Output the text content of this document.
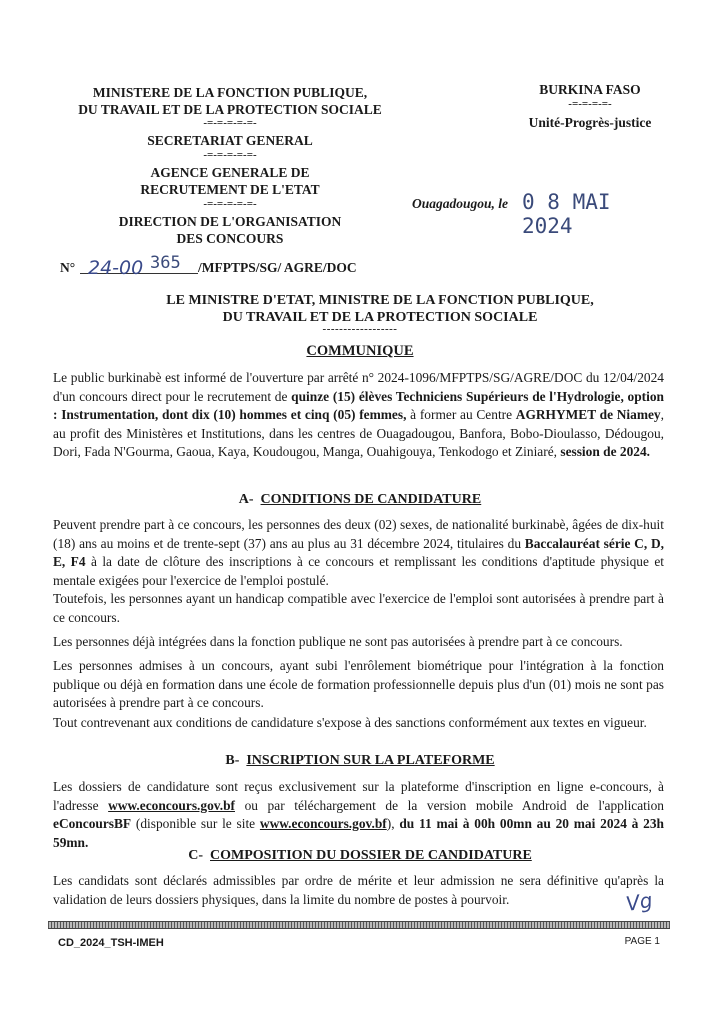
MINISTERE DE LA FONCTION PUBLIQUE,
DU TRAVAIL ET DE LA PROTECTION SOCIALE
-=-=-=-=-=-
SECRETARIAT GENERAL
-=-=-=-=-=-
AGENCE GENERALE DE
RECRUTEMENT DE L'ETAT
-=-=-=-=-=-
DIRECTION DE L'ORGANISATION
DES CONCOURS
N° 24-00 365 /MFPTPS/SG/ AGRE/DOC
BURKINA FASO
-=-=-=-=-
Unité-Progrès-justice
Ouagadougou, le 0 8 MAI 2024
LE MINISTRE D'ETAT, MINISTRE DE LA FONCTION PUBLIQUE,
DU TRAVAIL ET DE LA PROTECTION SOCIALE
------------------
COMMUNIQUE
Le public burkinabè est informé de l'ouverture par arrêté n° 2024-1096/MFPTPS/SG/AGRE/DOC du 12/04/2024 d'un concours direct pour le recrutement de quinze (15) élèves Techniciens Supérieurs de l'Hydrologie, option : Instrumentation, dont dix (10) hommes et cinq (05) femmes, à former au Centre AGRHYMET de Niamey, au profit des Ministères et Institutions, dans les centres de Ouagadougou, Banfora, Bobo-Dioulasso, Dédougou, Dori, Fada N'Gourma, Gaoua, Kaya, Koudougou, Manga, Ouahigouya, Tenkodogo et Ziniaré, session de 2024.
A- CONDITIONS DE CANDIDATURE
Peuvent prendre part à ce concours, les personnes des deux (02) sexes, de nationalité burkinabè, âgées de dix-huit (18) ans au moins et de trente-sept (37) ans au plus au 31 décembre 2024, titulaires du Baccalauréat série C, D, E, F4 à la date de clôture des inscriptions à ce concours et remplissant les conditions d'aptitude physique et mentale exigées pour l'exercice de l'emploi postulé.
Toutefois, les personnes ayant un handicap compatible avec l'exercice de l'emploi sont autorisées à prendre part à ce concours.
Les personnes déjà intégrées dans la fonction publique ne sont pas autorisées à prendre part à ce concours.
Les personnes admises à un concours, ayant subi l'enrôlement biométrique pour l'intégration à la fonction publique ou déjà en formation dans une école de formation professionnelle depuis plus d'un (01) mois ne sont pas autorisées à prendre part à ce concours.
Tout contrevenant aux conditions de candidature s'expose à des sanctions conformément aux textes en vigueur.
B- INSCRIPTION SUR LA PLATEFORME
Les dossiers de candidature sont reçus exclusivement sur la plateforme d'inscription en ligne e-concours, à l'adresse www.econcours.gov.bf ou par téléchargement de la version mobile Android de l'application eConcoursBF (disponible sur le site www.econcours.gov.bf), du 11 mai à 00h 00mn au 20 mai 2024 à 23h 59mn.
C- COMPOSITION DU DOSSIER DE CANDIDATURE
Les candidats sont déclarés admissibles par ordre de mérite et leur admission ne sera définitive qu'après la validation de leurs dossiers physiques, dans la limite du nombre de postes à pourvoir.	Vg
CD_2024_TSH-IMEH	PAGE 1
